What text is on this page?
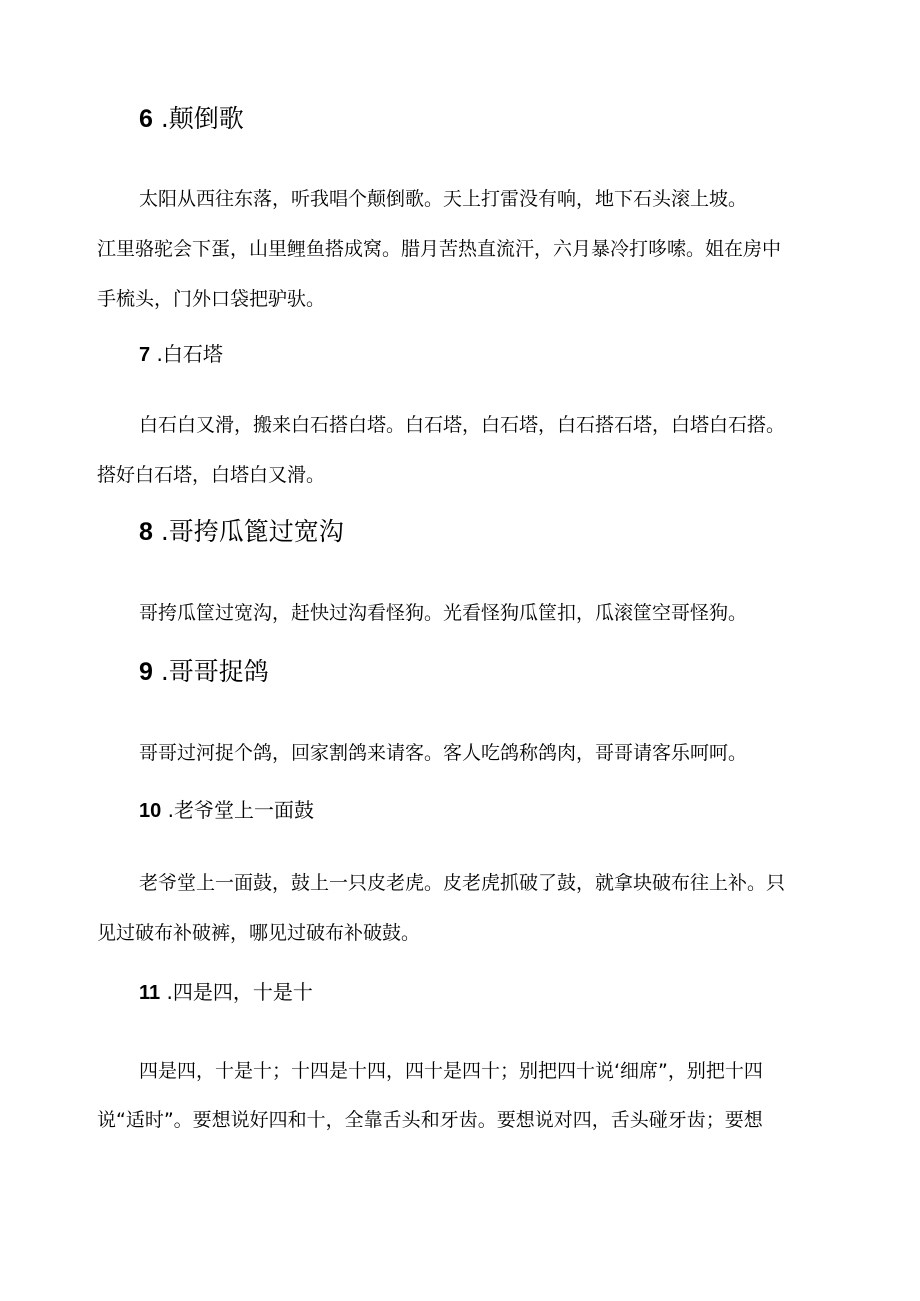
6 .颠倒歌
太阳从西往东落，听我唱个颠倒歌。天上打雷没有响，地下石头滚上坡。
江里骆驼会下蛋，山里鲤鱼搭成窝。腊月苦热直流汗，六月暴冷打哆嗦。姐在房中
手梳头，门外口袋把驴驮。
7 .白石塔
白石白又滑，搬来白石搭白塔。白石塔，白石塔，白石搭石塔，白塔白石搭。
搭好白石塔，白塔白又滑。
8 .哥挎瓜篦过宽沟
哥挎瓜筐过宽沟，赶快过沟看怪狗。光看怪狗瓜筐扣，瓜滚筐空哥怪狗。
9 .哥哥捉鸽
哥哥过河捉个鸽，回家割鸽来请客。客人吃鸽称鸽肉，哥哥请客乐呵呵。
10 .老爷堂上一面鼓
老爷堂上一面鼓，鼓上一只皮老虎。皮老虎抓破了鼓，就拿块破布往上补。只
见过破布补破裤，哪见过破布补破鼓。
11 .四是四，十是十
四是四，十是十；十四是十四，四十是四十；别把四十说‘细席”，别把十四
说“适时”。要想说好四和十，全靠舌头和牙齿。要想说对四，舌头碰牙齿；要想
